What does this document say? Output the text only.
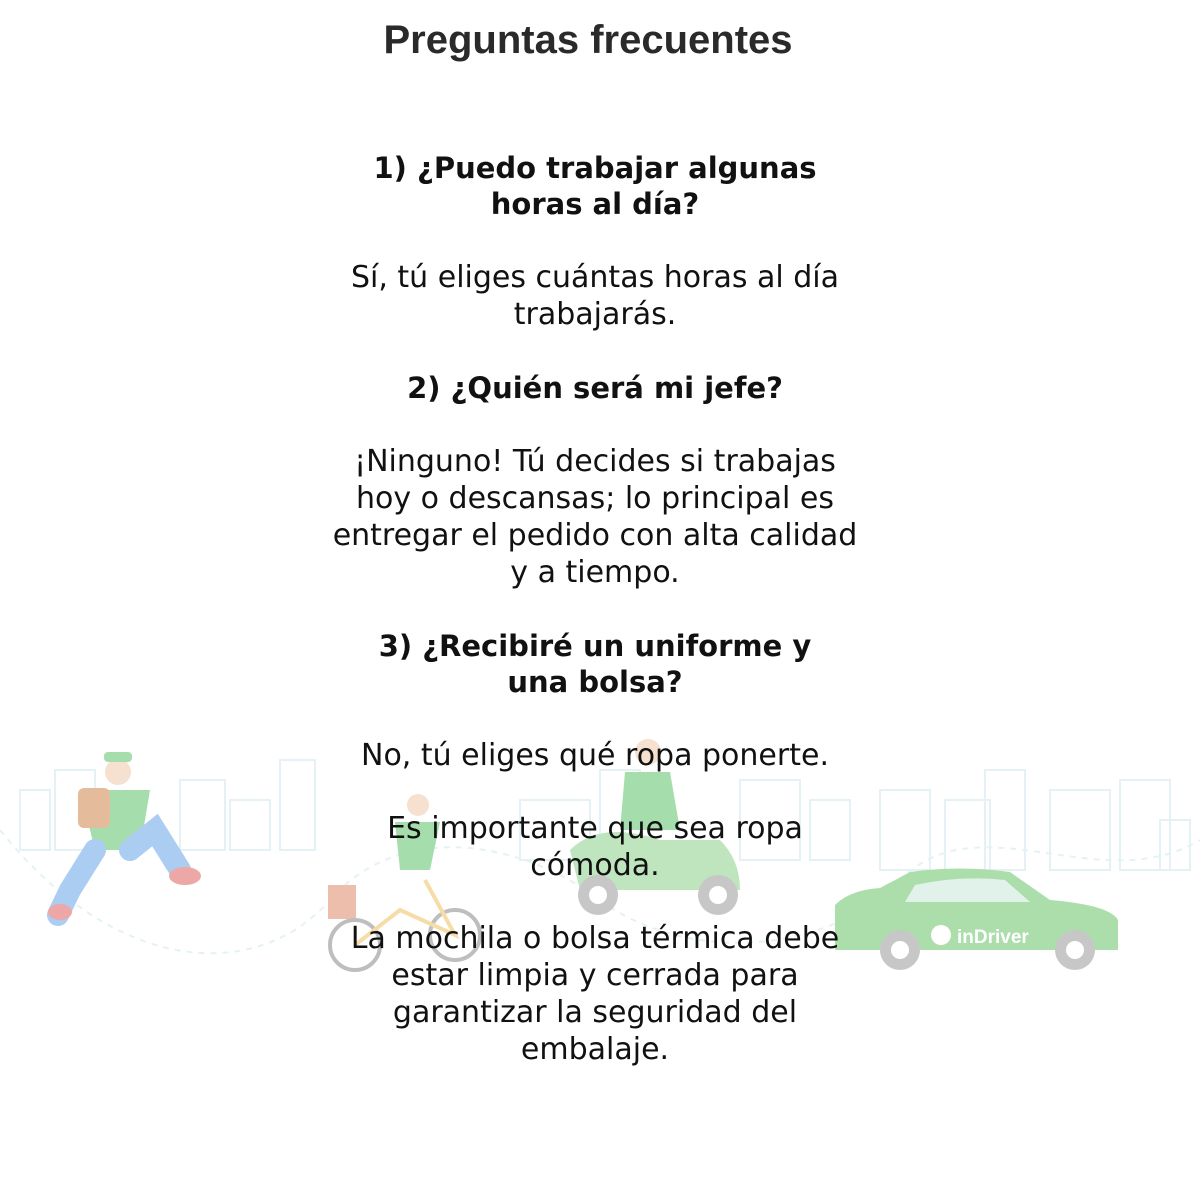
inDriver
Preguntas frecuentes
1) ¿Puedo trabajar algunas horas al día?
Sí, tú eliges cuántas horas al día trabajarás.
2) ¿Quién será mi jefe?
¡Ninguno! Tú decides si trabajas hoy o descansas; lo principal es entregar el pedido con alta calidad y a tiempo.
3) ¿Recibiré un uniforme y una bolsa?
No, tú eliges qué ropa ponerte.
Es importante que sea ropa cómoda.
La mochila o bolsa térmica debe estar limpia y cerrada para garantizar la seguridad del embalaje.
